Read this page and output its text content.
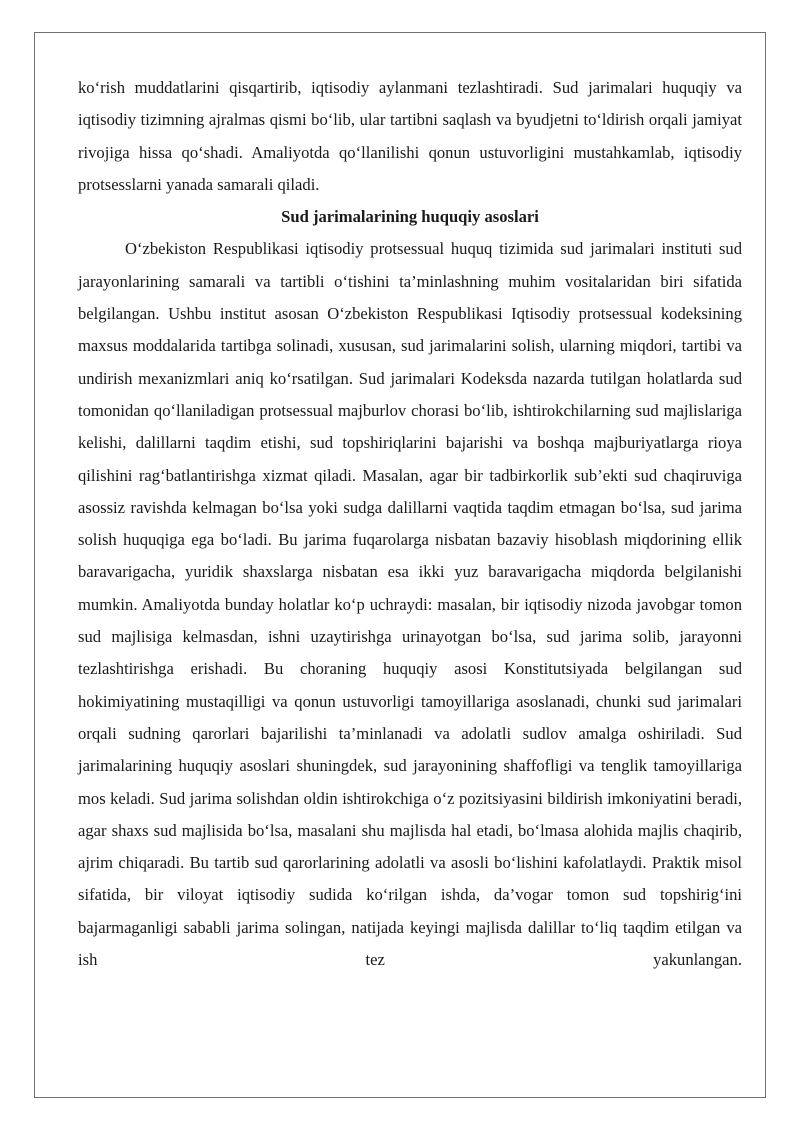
ko‘rish muddatlarini qisqartirib, iqtisodiy aylanmani tezlashtiradi. Sud jarimalari huquqiy va iqtisodiy tizimning ajralmas qismi bo‘lib, ular tartibni saqlash va byudjetni to‘ldirish orqali jamiyat rivojiga hissa qo‘shadi. Amaliyotda qo‘llanilishi qonun ustuvorligini mustahkamlab, iqtisodiy protsesslarni yanada samarali qiladi.

Sud jarimalarining huquqiy asoslari

O‘zbekiston Respublikasi iqtisodiy protsessual huquq tizimida sud jarimalari instituti sud jarayonlarining samarali va tartibli o‘tishini ta’minlashning muhim vositalaridan biri sifatida belgilangan. Ushbu institut asosan O‘zbekiston Respublikasi Iqtisodiy protsessual kodeksining maxsus moddalarida tartibga solinadi, xususan, sud jarimalarini solish, ularning miqdori, tartibi va undirish mexanizmlari aniq ko‘rsatilgan. Sud jarimalari Kodeksda nazarda tutilgan holatlarda sud tomonidan qo‘llaniladigan protsessual majburlov chorasi bo‘lib, ishtirokchilarning sud majlislariga kelishi, dalillarni taqdim etishi, sud topshiriqlarini bajarishi va boshqa majburiyatlarga rioya qilishini rag‘batlantirishga xizmat qiladi. Masalan, agar bir tadbirkorlik sub’ekti sud chaqiruviga asossiz ravishda kelmagan bo‘lsa yoki sudga dalillarni vaqtida taqdim etmagan bo‘lsa, sud jarima solish huquqiga ega bo‘ladi. Bu jarima fuqarolarga nisbatan bazaviy hisoblash miqdorining ellik baravarigacha, yuridik shaxslarga nisbatan esa ikki yuz baravarigacha miqdorda belgilanishi mumkin. Amaliyotda bunday holatlar ko‘p uchraydi: masalan, bir iqtisodiy nizoda javobgar tomon sud majlisiga kelmasdan, ishni uzaytirishga urinayotgan bo‘lsa, sud jarima solib, jarayonni tezlashtirishga erishadi. Bu choraning huquqiy asosi Konstitutsiyada belgilangan sud hokimiyatining mustaqilligi va qonun ustuvorligi tamoyillariga asoslanadi, chunki sud jarimalari orqali sudning qarorlari bajarilishi ta’minlanadi va adolatli sudlov amalga oshiriladi. Sud jarimalarining huquqiy asoslari shuningdek, sud jarayonining shaffofligi va tenglik tamoyillariga mos keladi. Sud jarima solishdan oldin ishtirokchiga o‘z pozitsiyasini bildirish imkoniyatini beradi, agar shaxs sud majlisida bo‘lsa, masalani shu majlisda hal etadi, bo‘lmasa alohida majlis chaqirib, ajrim chiqaradi. Bu tartib sud qarorlarining adolatli va asosli bo‘lishini kafolatlaydi. Praktik misol sifatida, bir viloyat iqtisodiy sudida ko‘rilgan ishda, da’vogar tomon sud topshirig‘ini bajarmaganligi sababli jarima solingan, natijada keyingi majlisda dalillar to‘liq taqdim etilgan va ish tez yakunlangan.
